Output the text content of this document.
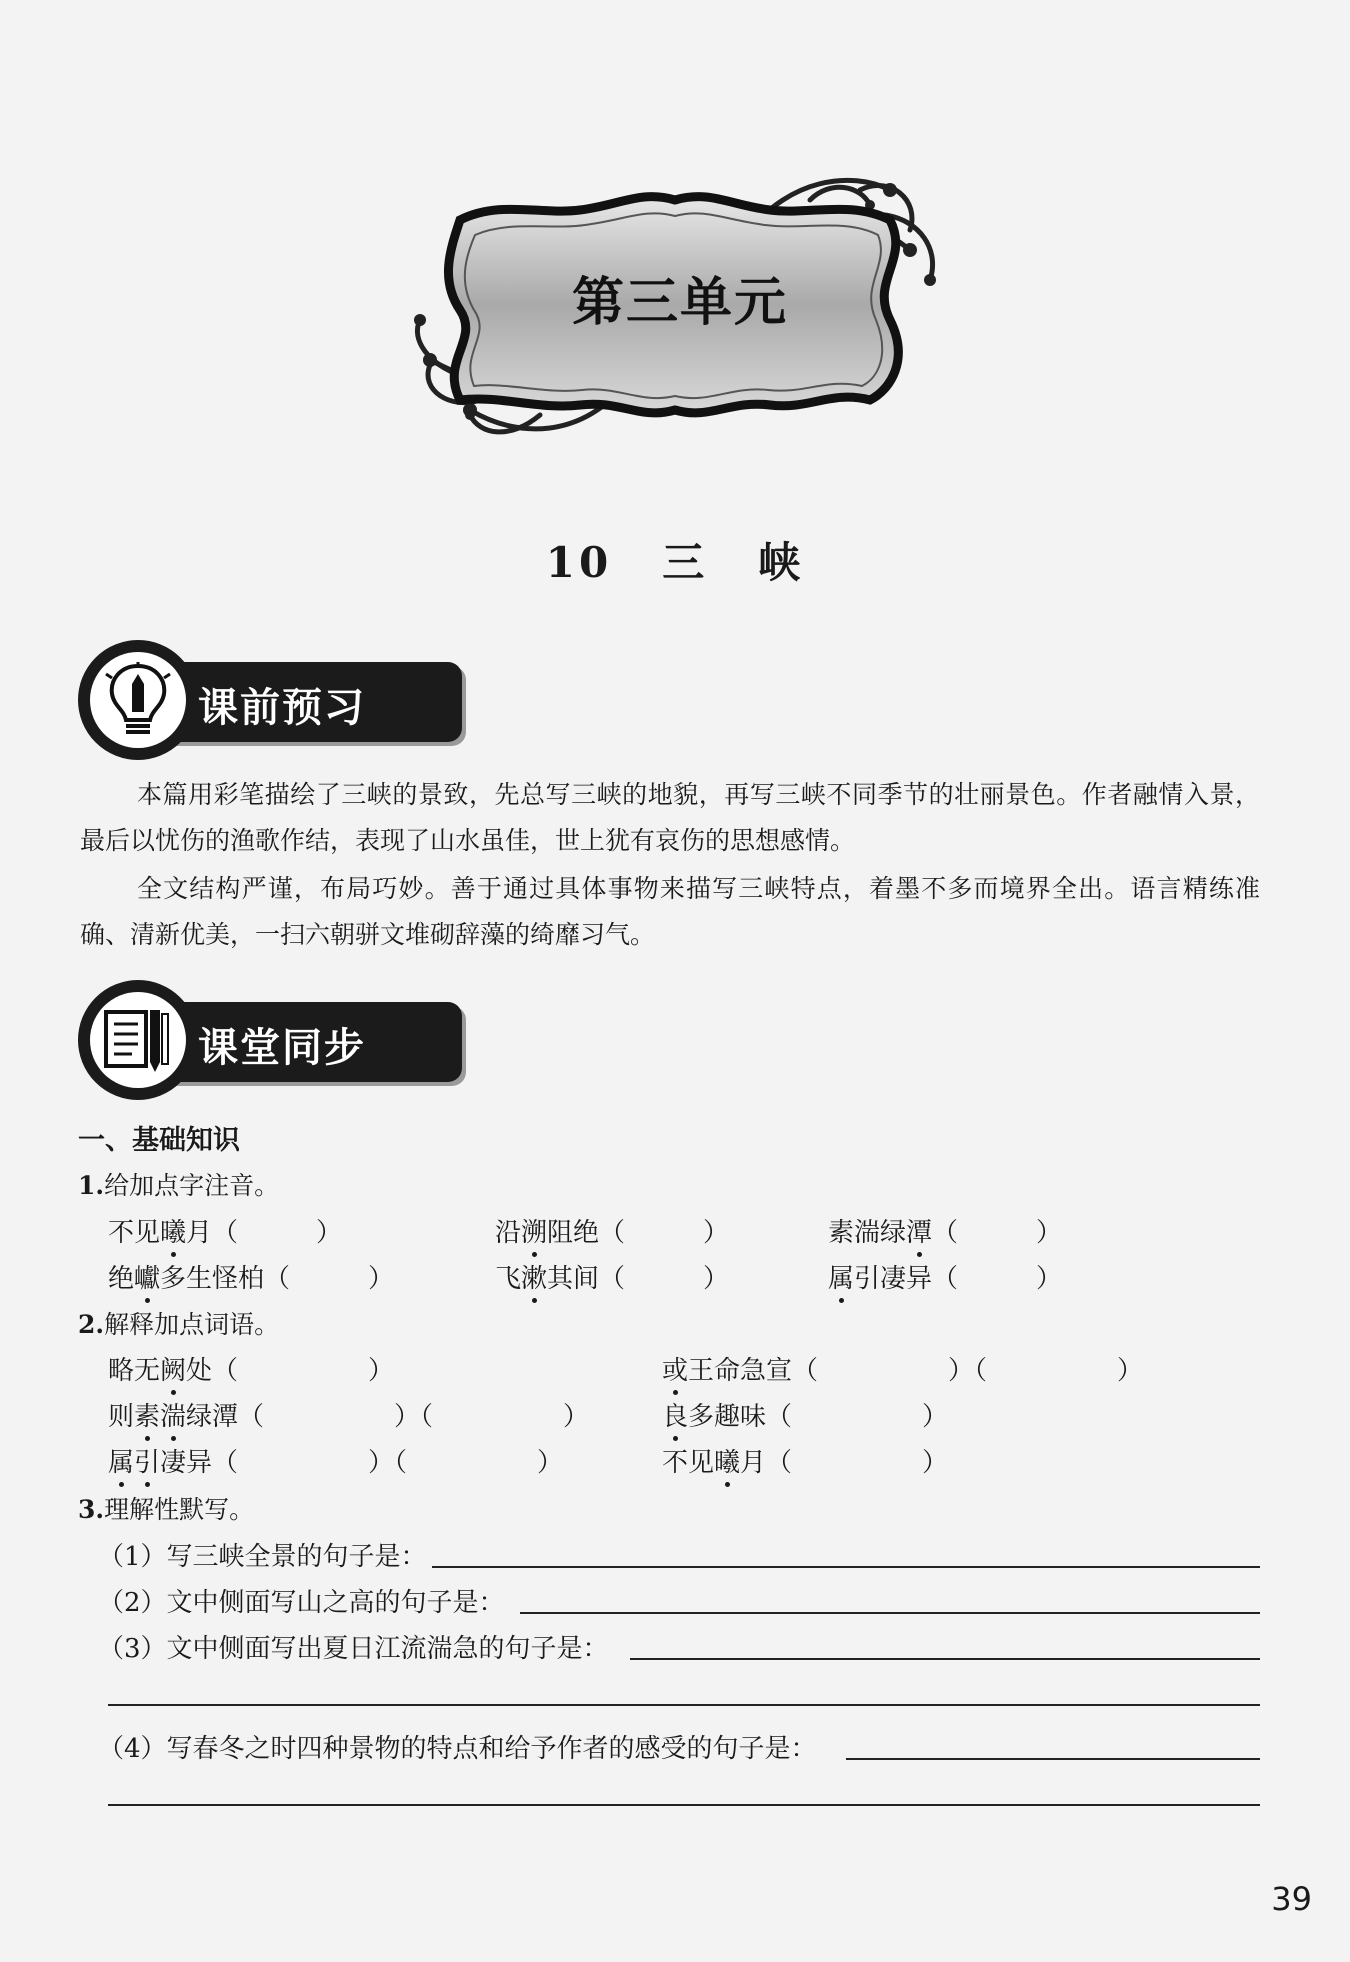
第三单元
10 三 峡
课前预习
本篇用彩笔描绘了三峡的景致，先总写三峡的地貌，再写三峡不同季节的壮丽景色。作者融情入景，最后以忧伤的渔歌作结，表现了山水虽佳，世上犹有哀伤的思想感情。
全文结构严谨，布局巧妙。善于通过具体事物来描写三峡特点，着墨不多而境界全出。语言精练准确、清新优美，一扫六朝骈文堆砌辞藻的绮靡习气。
课堂同步
一、基础知识
1.给加点字注音。
不见曦月（　　　）	沿溯阻绝（　　　）	素湍绿潭（　　　）
绝巘多生怪柏（　　　）	飞漱其间（　　　）	属引凄异（　　　）
2.解释加点词语。
略无阙处（　　　　　）	或王命急宣（　　　　　）（　　　　　）
则素湍绿潭（　　　　　）（　　　　　）	良多趣味（　　　　　）
属引凄异（　　　　　）（　　　　　）	不见曦月（　　　　　）
3.理解性默写。
（1）写三峡全景的句子是：
（2）文中侧面写山之高的句子是：
（3）文中侧面写出夏日江流湍急的句子是：
（4）写春冬之时四种景物的特点和给予作者的感受的句子是：
39
